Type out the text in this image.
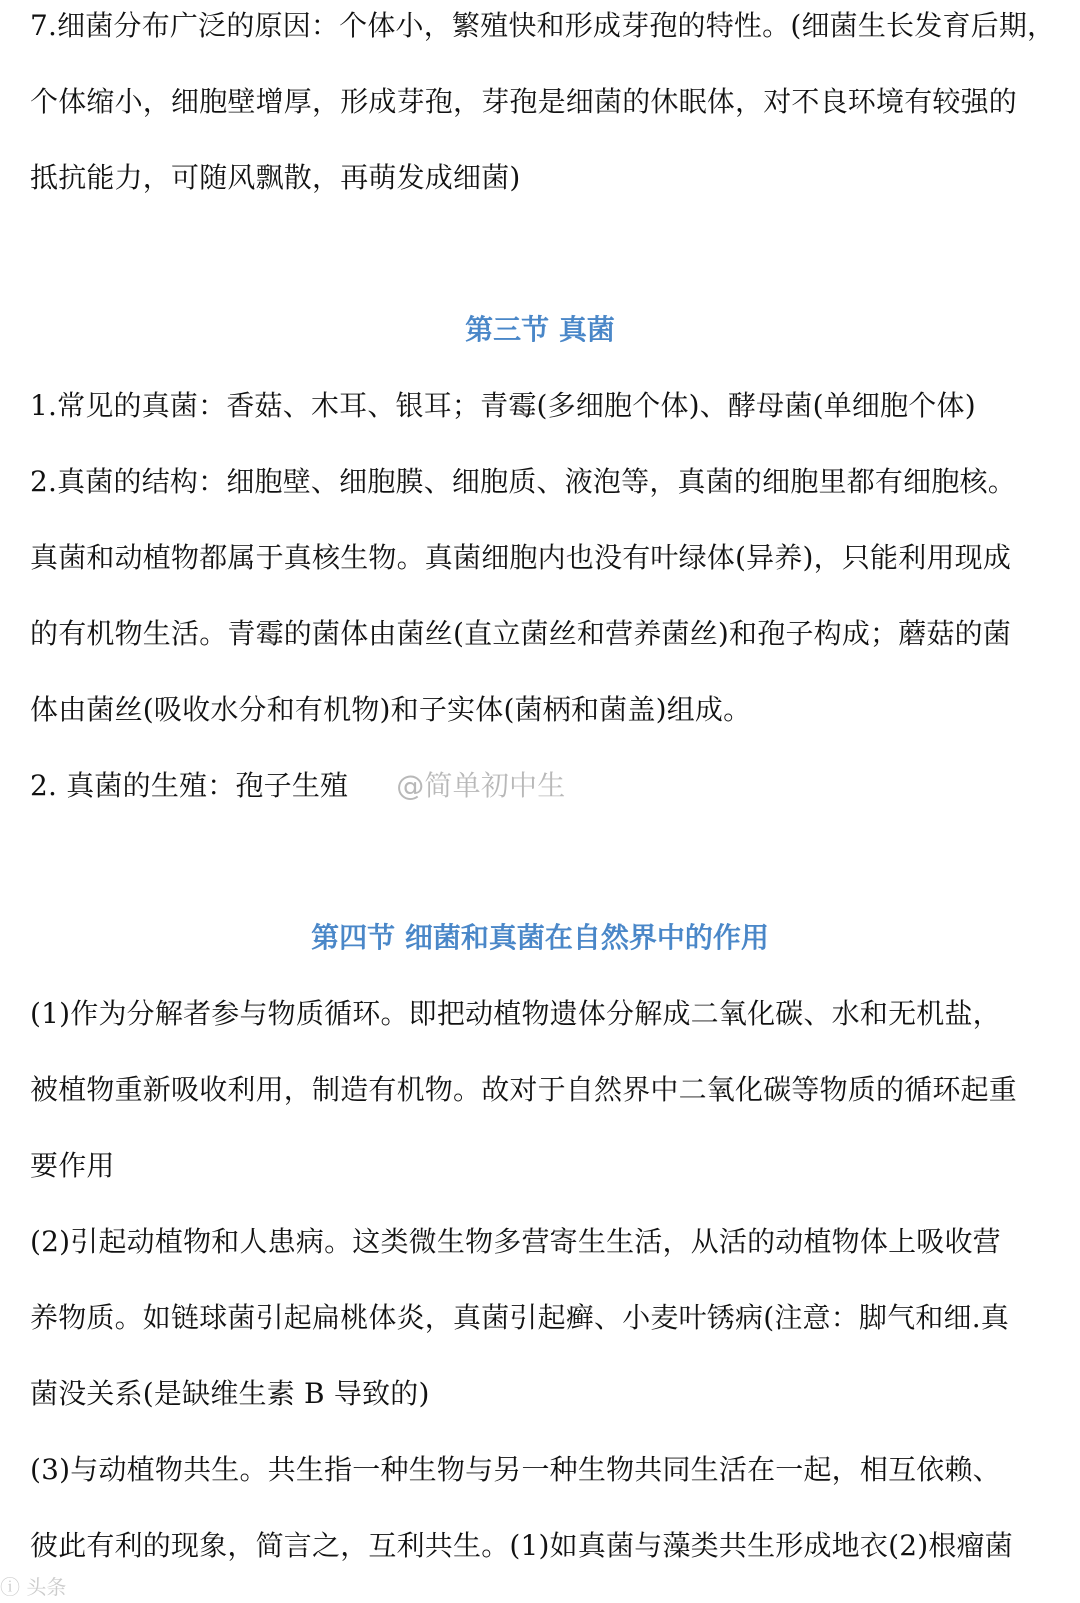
7.细菌分布广泛的原因：个体小，繁殖快和形成芽孢的特性。(细菌生长发育后期，
个体缩小，细胞壁增厚，形成芽孢，芽孢是细菌的休眠体，对不良环境有较强的
抵抗能力，可随风飘散，再萌发成细菌)
第三节 真菌
1.常见的真菌：香菇、木耳、银耳；青霉(多细胞个体)、酵母菌(单细胞个体)
2.真菌的结构：细胞壁、细胞膜、细胞质、液泡等，真菌的细胞里都有细胞核。
真菌和动植物都属于真核生物。真菌细胞内也没有叶绿体(异养)，只能利用现成
的有机物生活。青霉的菌体由菌丝(直立菌丝和营养菌丝)和孢子构成；蘑菇的菌
体由菌丝(吸收水分和有机物)和子实体(菌柄和菌盖)组成。
2. 真菌的生殖：孢子生殖 @简单初中生
第四节 细菌和真菌在自然界中的作用
(1)作为分解者参与物质循环。即把动植物遗体分解成二氧化碳、水和无机盐，
被植物重新吸收利用，制造有机物。故对于自然界中二氧化碳等物质的循环起重
要作用
(2)引起动植物和人患病。这类微生物多营寄生生活，从活的动植物体上吸收营
养物质。如链球菌引起扁桃体炎，真菌引起癣、小麦叶锈病(注意：脚气和细.真
菌没关系(是缺维生素 B 导致的)
(3)与动植物共生。共生指一种生物与另一种生物共同生活在一起，相互依赖、
彼此有利的现象，简言之，互利共生。(1)如真菌与藻类共生形成地衣(2)根瘤菌
ⓘ 头条
